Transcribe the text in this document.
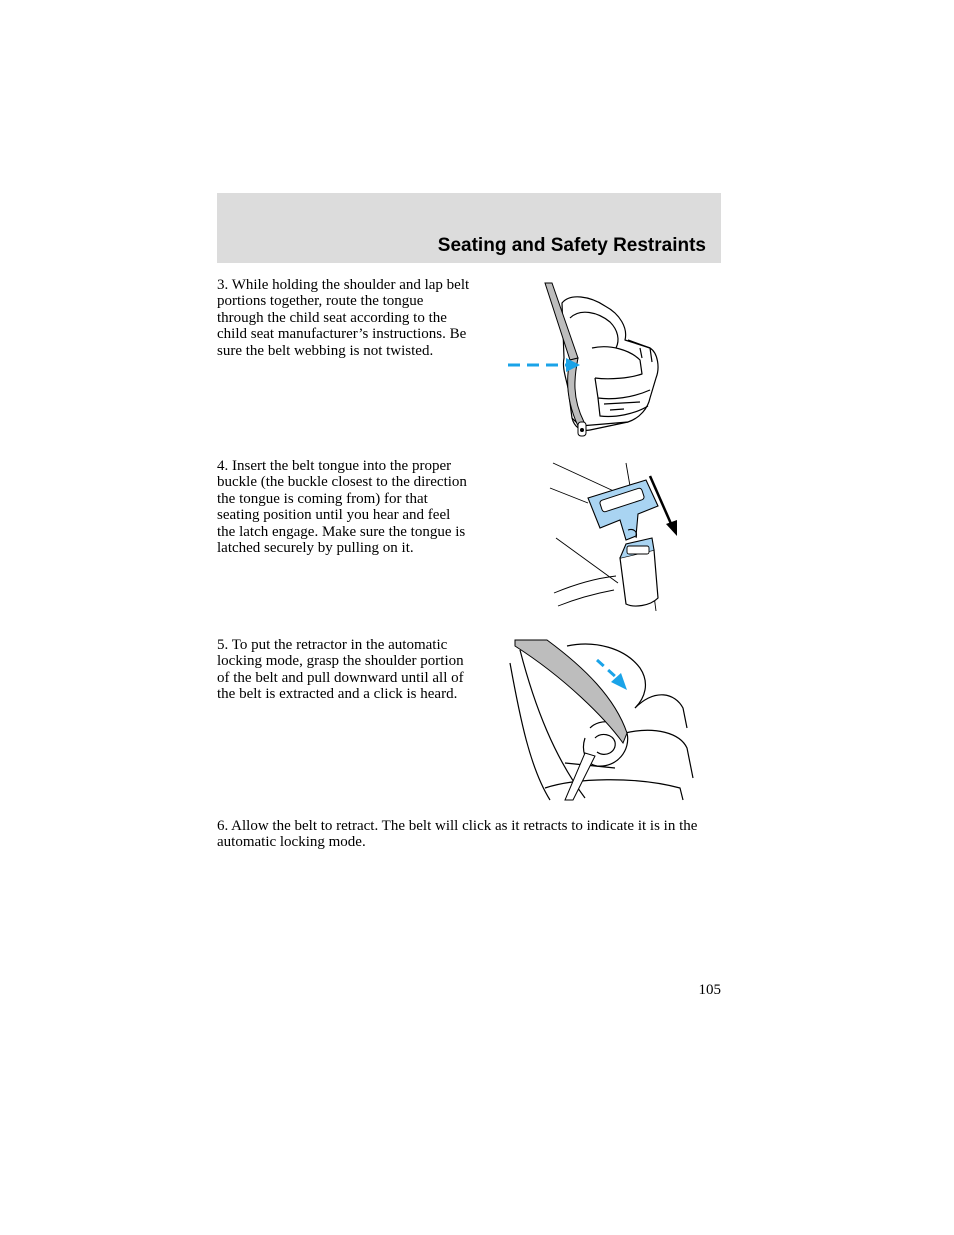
Seating and Safety Restraints

3. While holding the shoulder and lap belt portions together, route the tongue through the child seat according to the child seat manufacturer’s instructions. Be sure the belt webbing is not twisted.

4. Insert the belt tongue into the proper buckle (the buckle closest to the direction the tongue is coming from) for that seating position until you hear and feel the latch engage. Make sure the tongue is latched securely by pulling on it.

5. To put the retractor in the automatic locking mode, grasp the shoulder portion of the belt and pull downward until all of the belt is extracted and a click is heard.

6. Allow the belt to retract. The belt will click as it retracts to indicate it is in the automatic locking mode.

105
